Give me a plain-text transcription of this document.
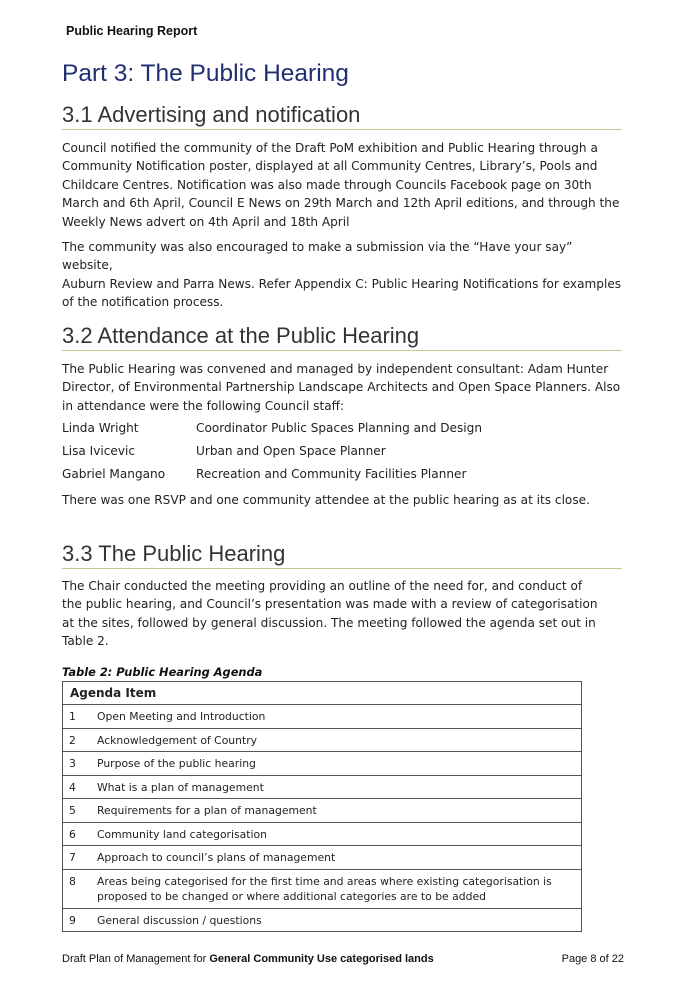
Public Hearing Report
Part 3: The Public Hearing
3.1 Advertising and notification

Council notified the community of the Draft PoM exhibition and Public Hearing through a
Community Notification poster, displayed at all Community Centres, Library’s, Pools and
Childcare Centres. Notification was also made through Councils Facebook page on 30th
March and 6th April, Council E News on 29th March and 12th April editions, and through the
Weekly News advert on 4th April and 18th April

The community was also encouraged to make a submission via the “Have your say” website,
Auburn Review and Parra News. Refer Appendix C: Public Hearing Notifications for examples
of the notification process.

3.2 Attendance at the Public Hearing

The Public Hearing was convened and managed by independent consultant: Adam Hunter
Director, of Environmental Partnership Landscape Architects and Open Space Planners. Also
in attendance were the following Council staff:

Linda Wright	Coordinator Public Spaces Planning and Design
Lisa Ivicevic	Urban and Open Space Planner
Gabriel Mangano	Recreation and Community Facilities Planner

There was one RSVP and one community attendee at the public hearing as at its close.

3.3 The Public Hearing

The Chair conducted the meeting providing an outline of the need for, and conduct of
the public hearing, and Council’s presentation was made with a review of categorisation
at the sites, followed by general discussion. The meeting followed the agenda set out in
Table 2.

Table 2: Public Hearing Agenda
Agenda Item	
1	Open Meeting and Introduction
2	Acknowledgement of Country
3	Purpose of the public hearing
4	What is a plan of management
5	Requirements for a plan of management
6	Community land categorisation
7	Approach to council’s plans of management
8	Areas being categorised for the first time and areas where existing categorisation is proposed to be changed or where additional categories are to be added
9	General discussion / questions
Draft Plan of Management for General Community Use categorised lands	Page 8 of 22
